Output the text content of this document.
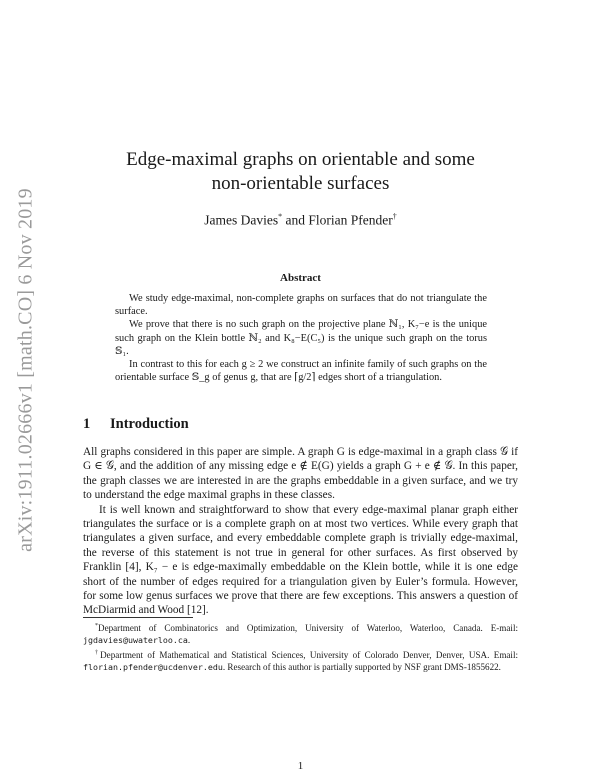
arXiv:1911.02666v1 [math.CO] 6 Nov 2019
Edge-maximal graphs on orientable and some
non-orientable surfaces
James Davies* and Florian Pfender†
Abstract

We study edge-maximal, non-complete graphs on surfaces that do not triangulate the surface.

We prove that there is no such graph on the projective plane ℕ₁, K₇−e is the unique such graph on the Klein bottle ℕ₂ and K₈−E(C₅) is the unique such graph on the torus 𝕊₁.

In contrast to this for each g ≥ 2 we construct an infinite family of such graphs on the orientable surface 𝕊_g of genus g, that are ⌈g/2⌉ edges short of a triangulation.

1 Introduction

All graphs considered in this paper are simple. A graph G is edge-maximal in a graph class 𝒢 if G ∈ 𝒢, and the addition of any missing edge e ∉ E(G) yields a graph G + e ∉ 𝒢. In this paper, the graph classes we are interested in are the graphs embeddable in a given surface, and we try to understand the edge maximal graphs in these classes.

It is well known and straightforward to show that every edge-maximal planar graph either triangulates the surface or is a complete graph on at most two vertices. While every graph that triangulates a given surface, and every embeddable complete graph is trivially edge-maximal, the reverse of this statement is not true in general for other surfaces. As first observed by Franklin [4], K₇ − e is edge-maximally embeddable on the Klein bottle, while it is one edge short of the number of edges required for a triangulation given by Euler’s formula. However, for some low genus surfaces we prove that there are few exceptions. This answers a question of McDiarmid and Wood [12].

*Department of Combinatorics and Optimization, University of Waterloo, Waterloo, Canada. E-mail: jgdavies@uwaterloo.ca.

†Department of Mathematical and Statistical Sciences, University of Colorado Denver, Denver, USA. Email: florian.pfender@ucdenver.edu. Research of this author is partially supported by NSF grant DMS-1855622.

1
